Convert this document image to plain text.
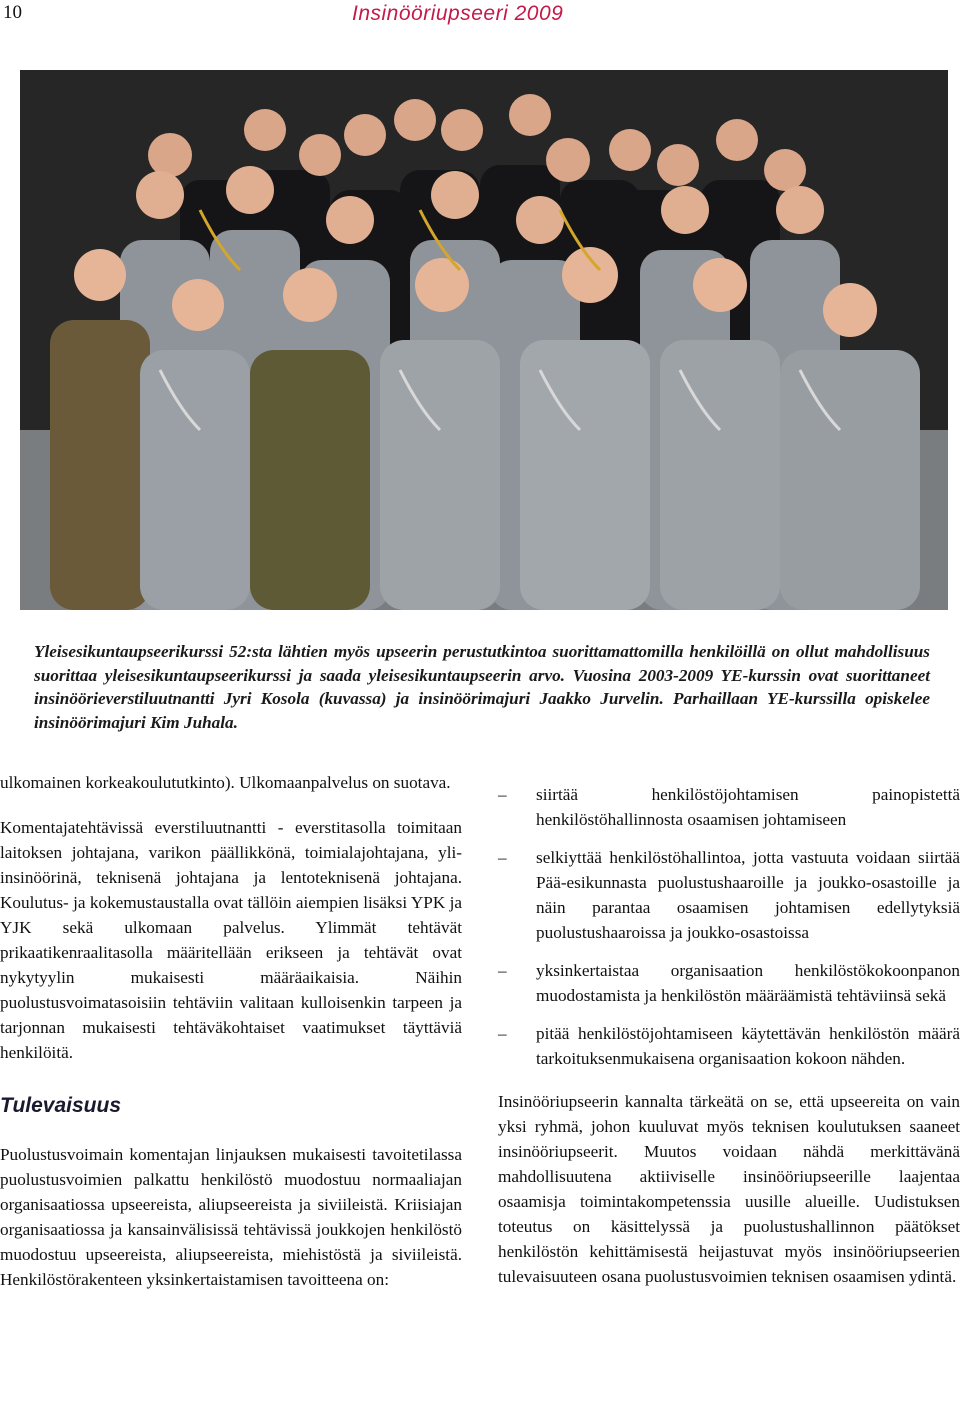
10	Insinööriupseeri 2009
Yleisesikuntaupseerikurssi 52:sta lähtien myös upseerin perustutkintoa suorittamattomilla henkilöillä on ollut mahdollisuus suorittaa yleisesikuntaupseerikurssi ja saada yleisesikuntaupseerin arvo. Vuosina 2003-2009 YE-kurssin ovat suorittaneet insinöörieverstiluutnantti Jyri Kosola (kuvassa) ja insinöörimajuri Jaakko Jurvelin. Parhaillaan YE-kurssilla opiskelee insinöörimajuri Kim Juhala.

ulkomainen korkeakoulututkinto). Ulkomaanpalvelus on suotava.

Komentajatehtävissä everstiluutnantti - everstitasolla toimitaan laitoksen johtajana, varikon päällikkönä, toimialajohtajana, yli-insinöörinä, teknisenä johtajana ja lentoteknisenä johtajana. Koulutus- ja kokemustaustalla ovat tällöin aiempien lisäksi YPK ja YJK sekä ulkomaan palvelus. Ylimmät tehtävät prikaatikenraalitasolla määritellään erikseen ja tehtävät ovat nykytyylin mukaisesti määräaikaisia. Näihin puolustusvoimatasoisiin tehtäviin valitaan kulloisenkin tarpeen ja tarjonnan mukaisesti tehtäväkohtaiset vaatimukset täyttäviä henkilöitä.

Tulevaisuus

Puolustusvoimain komentajan linjauksen mukaisesti tavoitetilassa puolustusvoimien palkattu henkilöstö muodostuu normaaliajan organisaatiossa upseereista, aliupseereista ja siviileistä. Kriisiajan organisaatiossa ja kansainvälisissä tehtävissä joukkojen henkilöstö muodostuu upseereista, aliupseereista, miehistöstä ja siviileistä. Henkilöstörakenteen yksinkertaistamisen tavoitteena on:

– siirtää henkilöstöjohtamisen painopistettä henkilöstöhallinnosta osaamisen johtamiseen
– selkiyttää henkilöstöhallintoa, jotta vastuuta voidaan siirtää Pää-esikunnasta puolustushaaroille ja joukko-osastoille ja näin parantaa osaamisen johtamisen edellytyksiä puolustushaaroissa ja joukko-osastoissa
– yksinkertaistaa organisaation henkilöstökokoonpanon muodostamista ja henkilöstön määräämistä tehtäviinsä sekä
– pitää henkilöstöjohtamiseen käytettävän henkilöstön määrä tarkoituksenmukaisena organisaation kokoon nähden.

Insinööriupseerin kannalta tärkeätä on se, että upseereita on vain yksi ryhmä, johon kuuluvat myös teknisen koulutuksen saaneet insinööriupseerit. Muutos voidaan nähdä merkittävänä mahdollisuutena aktiiviselle insinööriupseerille laajentaa osaamisja toimintakompetenssia uusille alueille. Uudistuksen toteutus on käsittelyssä ja puolustushallinnon päätökset henkilöstön kehittämisestä heijastuvat myös insinööriupseerien tulevaisuuteen osana puolustusvoimien teknisen osaamisen ydintä.
